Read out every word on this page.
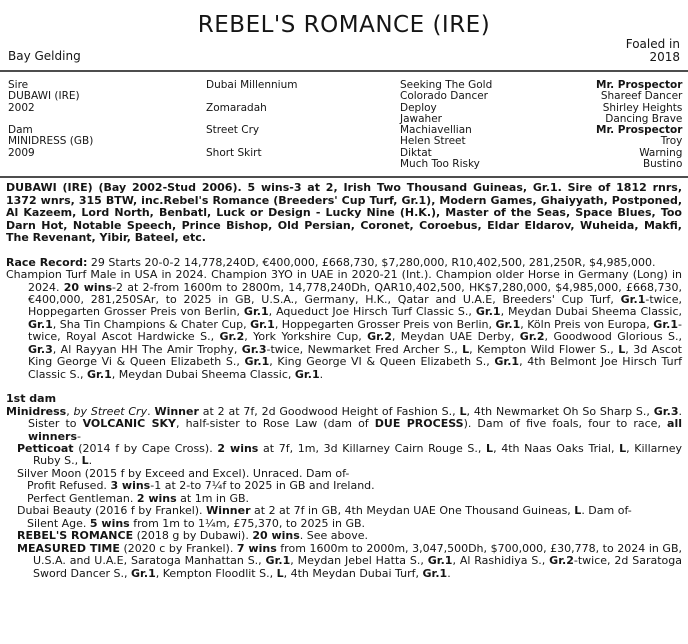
REBEL'S ROMANCE (IRE)
Bay Gelding
Foaled in
2018
Sire
DUBAWI (IRE)
2002
Dam
MINIDRESS (GB)
2009
Dubai Millennium
Zomaradah
Street Cry
Short Skirt
Seeking The Gold
Colorado Dancer
Deploy
Jawaher
Machiavellian
Helen Street
Diktat
Much Too Risky
Mr. Prospector
Shareef Dancer
Shirley Heights
Dancing Brave
Mr. Prospector
Troy
Warning
Bustino

DUBAWI (IRE) (Bay 2002-Stud 2006). 5 wins-3 at 2, Irish Two Thousand Guineas, Gr.1. Sire of 1812 rnrs, 1372 wnrs, 315 BTW, inc.Rebel's Romance (Breeders' Cup Turf, Gr.1), Modern Games, Ghaiyyath, Postponed, Al Kazeem, Lord North, Benbatl, Luck or Design - Lucky Nine (H.K.), Master of the Seas, Space Blues, Too Darn Hot, Notable Speech, Prince Bishop, Old Persian, Coronet, Coroebus, Eldar Eldarov, Wuheida, Makfi, The Revenant, Yibir, Bateel, etc.

Race Record: 29 Starts 20-0-2 14,778,240D, €400,000, £668,730, $7,280,000, R10,402,500, 281,250R, $4,985,000.

Champion Turf Male in USA in 2024. Champion 3YO in UAE in 2020-21 (Int.). Champion older Horse in Germany (Long) in 2024. 20 wins-2 at 2-from 1600m to 2800m, 14,778,240Dh, QAR10,402,500, HK$7,280,000, $4,985,000, £668,730, €400,000, 281,250SAr, to 2025 in GB, U.S.A., Germany, H.K., Qatar and U.A.E, Breeders' Cup Turf, Gr.1-twice, Hoppegarten Grosser Preis von Berlin, Gr.1, Aqueduct Joe Hirsch Turf Classic S., Gr.1, Meydan Dubai Sheema Classic, Gr.1, Sha Tin Champions & Chater Cup, Gr.1, Hoppegarten Grosser Preis von Berlin, Gr.1, Köln Preis von Europa, Gr.1-twice, Royal Ascot Hardwicke S., Gr.2, York Yorkshire Cup, Gr.2, Meydan UAE Derby, Gr.2, Goodwood Glorious S., Gr.3, Al Rayyan HH The Amir Trophy, Gr.3-twice, Newmarket Fred Archer S., L, Kempton Wild Flower S., L, 3d Ascot King George Vi & Queen Elizabeth S., Gr.1, King George VI & Queen Elizabeth S., Gr.1, 4th Belmont Joe Hirsch Turf Classic S., Gr.1, Meydan Dubai Sheema Classic, Gr.1.

1st dam

Minidress, by Street Cry. Winner at 2 at 7f, 2d Goodwood Height of Fashion S., L, 4th Newmarket Oh So Sharp S., Gr.3. Sister to VOLCANIC SKY, half-sister to Rose Law (dam of DUE PROCESS). Dam of five foals, four to race, all winners-

Petticoat (2014 f by Cape Cross). 2 wins at 7f, 1m, 3d Killarney Cairn Rouge S., L, 4th Naas Oaks Trial, L, Killarney Ruby S., L.

Silver Moon (2015 f by Exceed and Excel). Unraced. Dam of-

Profit Refused. 3 wins-1 at 2-to 7¼f to 2025 in GB and Ireland.

Perfect Gentleman. 2 wins at 1m in GB.

Dubai Beauty (2016 f by Frankel). Winner at 2 at 7f in GB, 4th Meydan UAE One Thousand Guineas, L. Dam of-

Silent Age. 5 wins from 1m to 1¼m, £75,370, to 2025 in GB.

REBEL'S ROMANCE (2018 g by Dubawi). 20 wins. See above.

MEASURED TIME (2020 c by Frankel). 7 wins from 1600m to 2000m, 3,047,500Dh, $700,000, £30,778, to 2024 in GB, U.S.A. and U.A.E, Saratoga Manhattan S., Gr.1, Meydan Jebel Hatta S., Gr.1, Al Rashidiya S., Gr.2-twice, 2d Saratoga Sword Dancer S., Gr.1, Kempton Floodlit S., L, 4th Meydan Dubai Turf, Gr.1.
